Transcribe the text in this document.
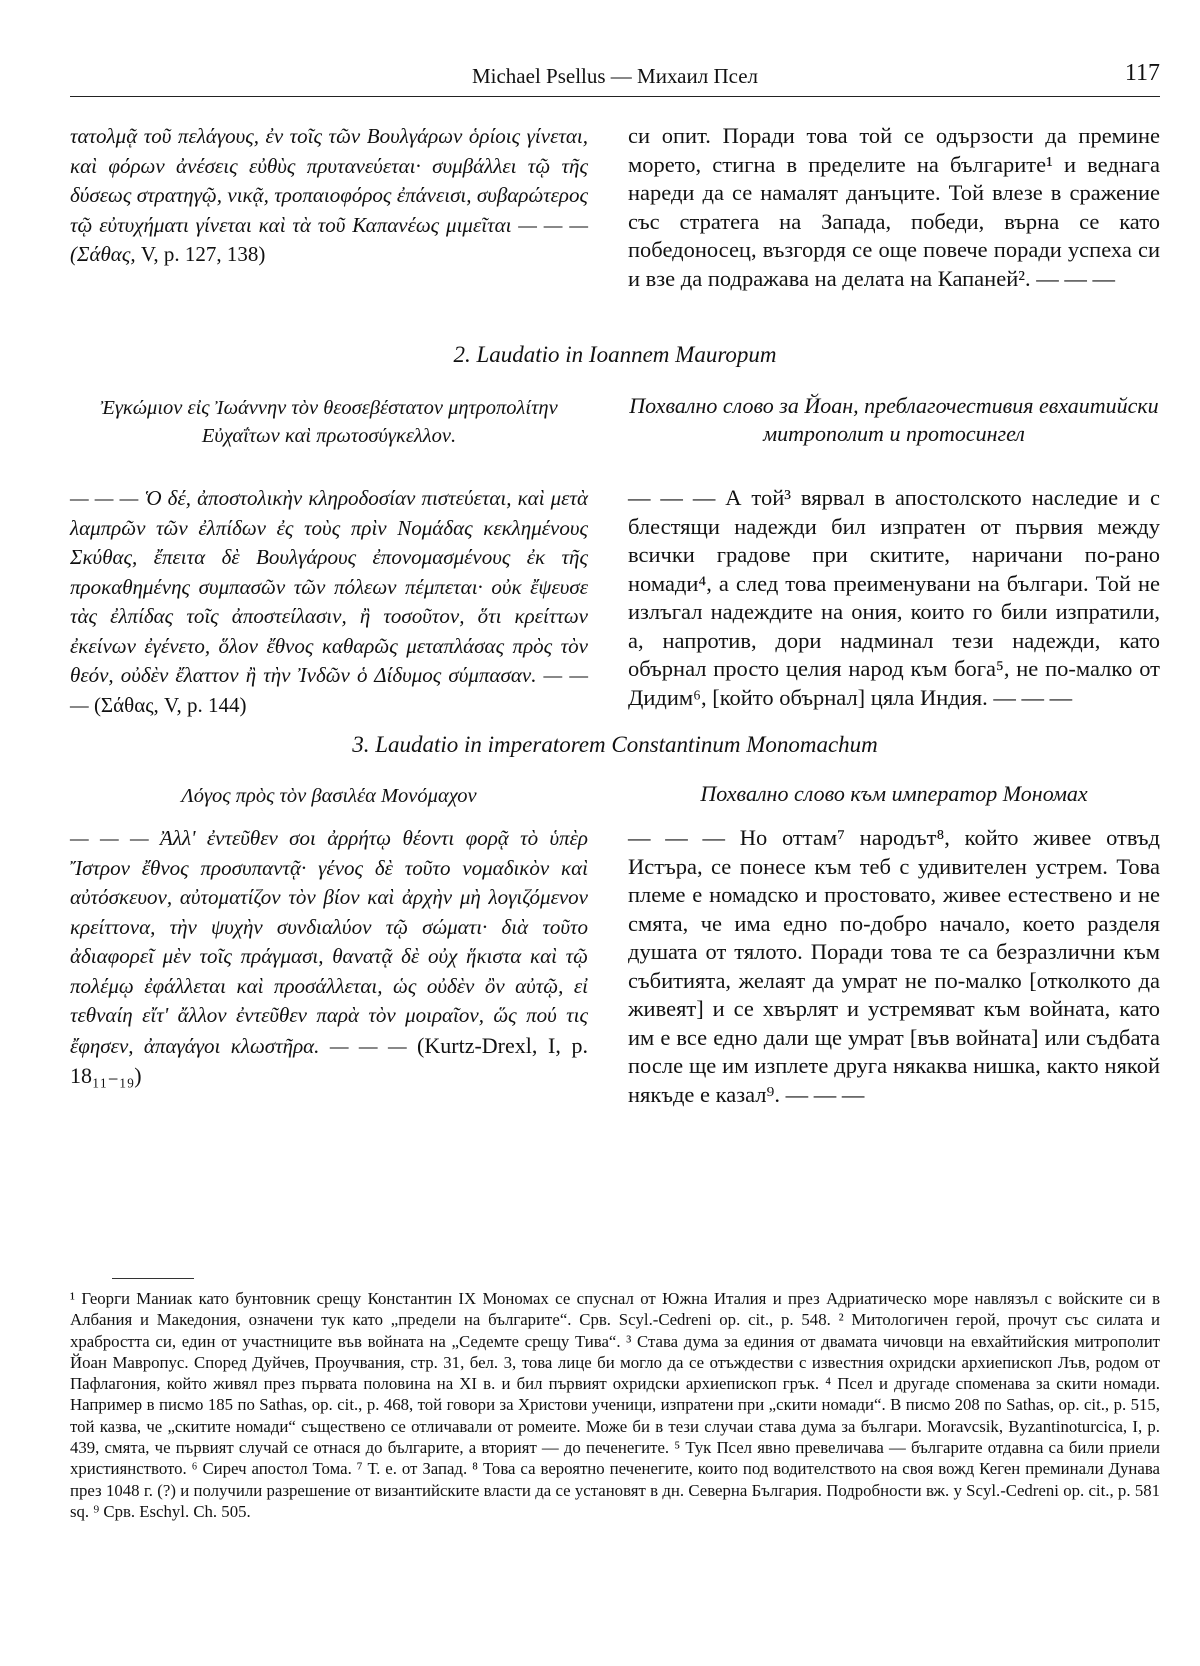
Michael Psellus — Михаил Псел	117
τατολμᾷ τοῦ πελάγους, ἐν τοῖς τῶν Βουλγάρων ὁρίοις γίνεται, καὶ φόρων ἀνέσεις εὐθὺς πρυτανεύεται· συμβάλλει τῷ τῆς δύσεως στρατηγῷ, νικᾷ, τροπαιοφόρος ἐπάνεισι, συβαρώτερος τῷ εὐτυχήματι γίνεται καὶ τὰ τοῦ Καπανέως μιμεῖται — — — (Σάθας, V, p. 127, 138)
си опит. Поради това той се одързости да премине морето, стигна в пределите на българите¹ и веднага нареди да се намалят данъците. Той влезе в сражение със стратега на Запада, победи, върна се като победоносец, възгордя се още повече поради успеха си и взе да подражава на делата на Капаней². — — —
2. Laudatio in Ioannem Mauropum
Ἐγκώμιον εἰς Ἰωάννην τὸν θεοσεβέστατον μητροπολίτην Εὐχαΐτων καὶ πρωτοσύγκελλον.
Похвално слово за Йоан, преблагочестивия евхаитийски митрополит и протосингел
— — — Ὁ δέ, ἀποστολικὴν κληροδοσίαν πιστεύεται, καὶ μετὰ λαμπρῶν τῶν ἐλπίδων ἐς τοὺς πρὶν Νομάδας κεκλημένους Σκύθας, ἔπειτα δὲ Βουλγάρους ἐπονομασμένους ἐκ τῆς προκαθημένης συμπασῶν τῶν πόλεων πέμπεται· οὐκ ἔψευσε τὰς ἐλπίδας τοῖς ἀποστείλασιν, ἢ τοσοῦτον, ὅτι κρείττων ἐκείνων ἐγένετο, ὅλον ἔθνος καθαρῶς μεταπλάσας πρὸς τὸν θεόν, οὐδὲν ἔλαττον ἢ τὴν Ἰνδῶν ὁ Δίδυμος σύμπασαν. — — — (Σάθας, V, p. 144)
— — — А той³ вярвал в апостолското наследие и с блестящи надежди бил изпратен от първия между всички градове при скитите, наричани по-рано номади⁴, а след това преименувани на българи. Той не излъгал надеждите на ония, които го били изпратили, а, напротив, дори надминал тези надежди, като обърнал просто целия народ към бога⁵, не по-малко от Дидим⁶, [който обърнал] цяла Индия. — — —
3. Laudatio in imperatorem Constantinum Monomachum
Λόγος πρὸς τὸν βασιλέα Μονόμαχον	Похвално слово към император Мономах
— — — Ἀλλ' ἐντεῦθεν σοι ἀρρήτῳ θέοντι φορᾷ τὸ ὑπὲρ Ἴστρον ἔθνος προσυπαντᾷ· γένος δὲ τοῦτο νομαδικὸν καὶ αὐτόσκευον, αὐτοματίζον τὸν βίον καὶ ἀρχὴν μὴ λογιζόμενον κρείττονα, τὴν ψυχὴν συνδιαλύον τῷ σώματι· διὰ τοῦτο ἀδιαφορεῖ μὲν τοῖς πράγμασι, θανατᾷ δὲ οὐχ ἥκιστα καὶ τῷ πολέμῳ ἐφάλλεται καὶ προσάλλεται, ὡς οὐδὲν ὂν αὐτῷ, εἰ τεθναίη εἴτ' ἄλλον ἐντεῦθεν παρὰ τὸν μοιραῖον, ὥς πού τις ἔφησεν, ἀπαγάγοι κλωστῆρα. — — — (Kurtz-Drexl, I, p. 18₁₁₋₁₉)
— — — Но оттам⁷ народът⁸, който живее отвъд Истъра, се понесе към теб с удивителен устрем. Това племе е номадско и простовато, живее естествено и не смята, че има едно по-добро начало, което разделя душата от тялото. Поради това те са безразлични към събитията, желаят да умрат не по-малко [отколкото да живеят] и се хвърлят и устремяват към войната, като им е все едно дали ще умрат [във войната] или съдбата после ще им изплете друга някаква нишка, както някой някъде е казал⁹. — — —
¹ Георги Маниак като бунтовник срещу Константин IX Мономах се спуснал от Южна Италия и през Адриатическо море навлязъл с войските си в Албания и Македония, означени тук като „предели на българите“. Срв. Scyl.-Cedreni op. cit., p. 548. ² Митологичен герой, прочут със силата и храбростта си, един от участниците във войната на „Седемте срещу Тива“. ³ Става дума за единия от двамата чичовци на евхайтийския митрополит Йоан Мавропус. Според Дуйчев, Проучвания, стр. 31, бел. 3, това лице би могло да се отъждестви с известния охридски архиепископ Лъв, родом от Пафлагония, който живял през първата половина на XI в. и бил първият охридски архиепископ грък. ⁴ Псел и другаде споменава за скити номади. Например в писмо 185 по Sathas, op. cit., p. 468, той говори за Христови ученици, изпратени при „скити номади“. В писмо 208 по Sathas, op. cit., p. 515, той казва, че „скитите номади“ съществено се отличавали от ромеите. Може би в тези случаи става дума за българи. Moravcsik, Byzantinoturcica, I, p. 439, смята, че първият случай се отнася до българите, а вторият — до печенегите. ⁵ Тук Псел явно превеличава — българите отдавна са били приели християнството. ⁶ Сиреч апостол Тома. ⁷ Т. е. от Запад. ⁸ Това са вероятно печенегите, които под водителството на своя вожд Кеген преминали Дунава през 1048 г. (?) и получили разрешение от византийските власти да се установят в дн. Северна България. Подробности вж. у Scyl.-Cedreni op. cit., p. 581 sq. ⁹ Срв. Eschyl. Ch. 505.
